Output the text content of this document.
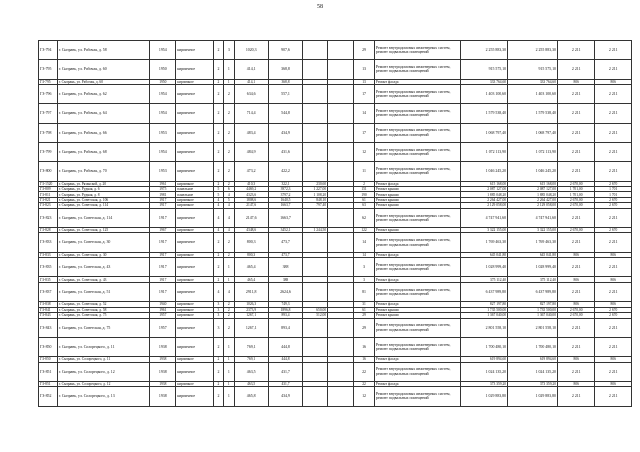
58
ГЗ-794	г. Сызрань, ул. Рабочая, д. 58	1954	кирпичное	2	3	1020,3	907,6			29	Ремонт внутридомовых инженерных систем, ремонт подвальных помещений	2 255 883,30	2 255 883,30	2 211	2 211
ГЗ-795	г. Сызрань, ул. Рабочая, д. 60	1950	кирпичное	2	1	414,1	368,8			13	Ремонт внутридомовых инженерных систем, ремонт подвальных помещений	915 575,10	915 575,10	2 211	2 211
ГЗ-795	г. Сызрань, ул. Рабочая, д. 60	1950	кирпичное	2	1	414,1	368,8			13	Ремонт фасада	333 764,60	333 764,60	806	806
ГЗ-796	г. Сызрань, ул. Рабочая, д. 62	1954	кирпичное	2	2	634,6	557,1			17	Ремонт внутридомовых инженерных систем, ремонт подвальных помещений	1 403 100,60	1 403 100,60	2 211	2 211
ГЗ-797	г. Сызрань, ул. Рабочая, д. 64	1954	кирпичное	2	2	714,4	544,8			14	Ремонт внутридомовых инженерных систем, ремонт подвальных помещений	1 579 538,40	1 579 538,40	2 211	2 211
ГЗ-798	г. Сызрань, ул. Рабочая, д. 66	1953	кирпичное	2	2	483,4	434,9			17	Ремонт внутридомовых инженерных систем, ремонт подвальных помещений	1 068 797,40	1 068 797,40	2 211	2 211
ГЗ-799	г. Сызрань, ул. Рабочая, д. 68	1954	кирпичное	2	2	484,9	431,6			12	Ремонт внутридомовых инженерных систем, ремонт подвальных помещений	1 072 113,90	1 072 113,90	2 211	2 211
ГЗ-800	г. Сызрань, ул. Рабочая, д. 70	1953	кирпичное	2	2	473,2	422,2			11	Ремонт внутридомовых инженерных систем, ремонт подвальных помещений	1 046 245,20	1 046 245,20	2 211	2 211
ГЗ-1520	г. Сызрань, ул. Рязанской, д. 20	1961	кирпичное	2	2	410,3	322,1	230,60		2	Ремонт фасада	615 168,00	615 168,00	2 670,00	2 670
ГЗ-809	г. Сызрань, ул. Рудная, д. 6	1975	панельное	5	6	4469,2	3972,3	1 227,00		151	Ремонт крыши	2 087 127,00	2 087 127,00	1 701,00	1 701
ГЗ-811	г. Сызрань, ул. Рудная, д. 8	1981	панельное	5	4	4323,6	3797,2	1 108,20		190	Ремонт крыши	1 885 048,20	1 885 048,20	1 701,00	1 701
ГЗ-821	г. Сызрань, ул. Советская, д. 106	1917	кирпичное	4	5	1808,6	1640,5	848,10		61	Ремонт крыши	2 264 427,00	2 264 427,00	2 670,00	2 670
ГЗ-823	г. Сызрань, ул. Советская, д. 114	1917	кирпичное	4	4	2147,6	1663,7	797,40		63	Ремонт крыши	2 129 058,00	2 129 058,00	2 670,00	2 670
ГЗ-823	г. Сызрань, ул. Советская, д. 114	1917	кирпичное	4	4	2147,6	1663,7			62	Ремонт внутридомовых инженерных систем, ремонт подвальных помещений	4 747 941,60	4 747 941,60	2 211	2 211
ГЗ-828	г. Сызрань, ул. Советская, д. 125	1967	кирпичное	4	4	4348,6	3452,1	1 244,50		122	Ремонт крыши	3 322 155,00	3 322 155,00	2 670,00	2 670
ГЗ-833	г. Сызрань, ул. Советская, д. 30	1917	кирпичное	2	2	800,3	473,7			14	Ремонт внутридомовых инженерных систем, ремонт подвальных помещений	1 769 463,30	1 769 463,30	2 211	2 211
ГЗ-833	г. Сызрань, ул. Советская, д. 30	1917	кирпичное	2	2	800,3	473,7			14	Ремонт фасада	645 041,80	645 041,80	806	806
ГЗ-835	г. Сызрань, ул. Советская, д. 43	1917	кирпичное	2	1	465,4	388			3	Ремонт внутридомовых инженерных систем, ремонт подвальных помещений	1 028 999,40	1 028 999,40	2 211	2 211
ГЗ-835	г. Сызрань, ул. Советская, д. 43	1917	кирпичное	2	1	465,4	388			3	Ремонт фасада	375 112,40	375 112,40	806	806
ГЗ-837	г. Сызрань, ул. Советская, д. 51	1917	кирпичное	4	4	2911,8	2624,6			81	Ремонт внутридомовых инженерных систем, ремонт подвальных помещений	6 437 989,80	6 437 989,80	2 211	2 211
ГЗ-838	г. Сызрань, ул. Советская, д. 52	1940	кирпичное	3	2	1026,3	749,3			31	Ремонт фасада	827 197,80	827 197,80	806	806
ГЗ-841	г. Сызрань, ул. Советская, д. 58	1961	кирпичное	3	2	2373,9	1896,8	650,00		61	Ремонт крыши	1 735 500,00	1 735 500,00	2 670,00	2 670
ГЗ-843	г. Сызрань, ул. Советская, д. 75	1957	кирпичное	3	2	1267,1	893,4	512,00		29	Ремонт крыши	1 367 040,00	1 367 040,00	2 670,00	2 670
ГЗ-843	г. Сызрань, ул. Советская, д. 75	1957	кирпичное	3	2	1267,1	893,4			29	Ремонт внутридомовых инженерных систем, ремонт подвальных помещений	2 801 558,10	2 801 558,10	2 211	2 211
ГЗ-850	г. Сызрань, ул. Солорецкого, д. 11	1938	кирпичное	2	1	769,1	444,8			16	Ремонт внутридомовых инженерных систем, ремонт подвальных помещений	1 700 480,10	1 700 480,10	2 211	2 211
ГЗ-850	г. Сызрань, ул. Солорецкого, д. 11	1938	кирпичное	2	1	769,1	444,8			16	Ремонт фасада	619 894,60	619 894,60	806	806
ГЗ-851	г. Сызрань, ул. Солорецкого, д. 12	1938	кирпичное	2	1	463,5	431,7			22	Ремонт внутридомовых инженерных систем, ремонт подвальных помещений	1 024 135,20	1 024 135,20	2 211	2 211
ГЗ-851	г. Сызрань, ул. Солорецкого, д. 12	1938	кирпичное	2	1	463,5	431,7			22	Ремонт фасада	373 359,20	373 359,20	806	806
ГЗ-852	г. Сызрань, ул. Солорецкого, д. 13	1938	кирпичное	2	1	465,8	434,9			12	Ремонт внутридомовых инженерных систем, ремонт подвальных помещений	1 029 883,80	1 029 883,80	2 211	2 211
